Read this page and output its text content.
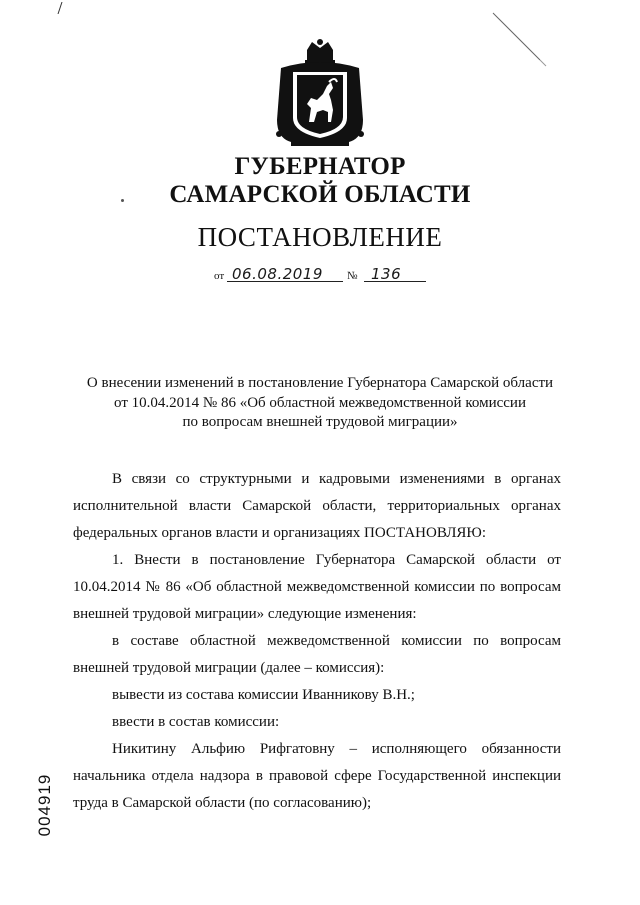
ГУБЕРНАТОР
САМАРСКОЙ ОБЛАСТИ
ПОСТАНОВЛЕНИЕ
от 06.08.2019 № 136
О внесении изменений в постановление Губернатора Самарской области
от 10.04.2014 № 86 «Об областной межведомственной комиссии
по вопросам внешней трудовой миграции»
В связи со структурными и кадровыми изменениями в органах исполнительной власти Самарской области, территориальных органах федеральных органов власти и организациях ПОСТАНОВЛЯЮ:
1. Внести в постановление Губернатора Самарской области от 10.04.2014 № 86 «Об областной межведомственной комиссии по вопросам внешней трудовой миграции» следующие изменения:
в составе областной межведомственной комиссии по вопросам внешней трудовой миграции (далее – комиссия):
вывести из состава комиссии Иванникову В.Н.;
ввести в состав комиссии:
Никитину Альфию Рифгатовну – исполняющего обязанности начальника отдела надзора в правовой сфере Государственной инспекции труда в Самарской области (по согласованию);
004919
